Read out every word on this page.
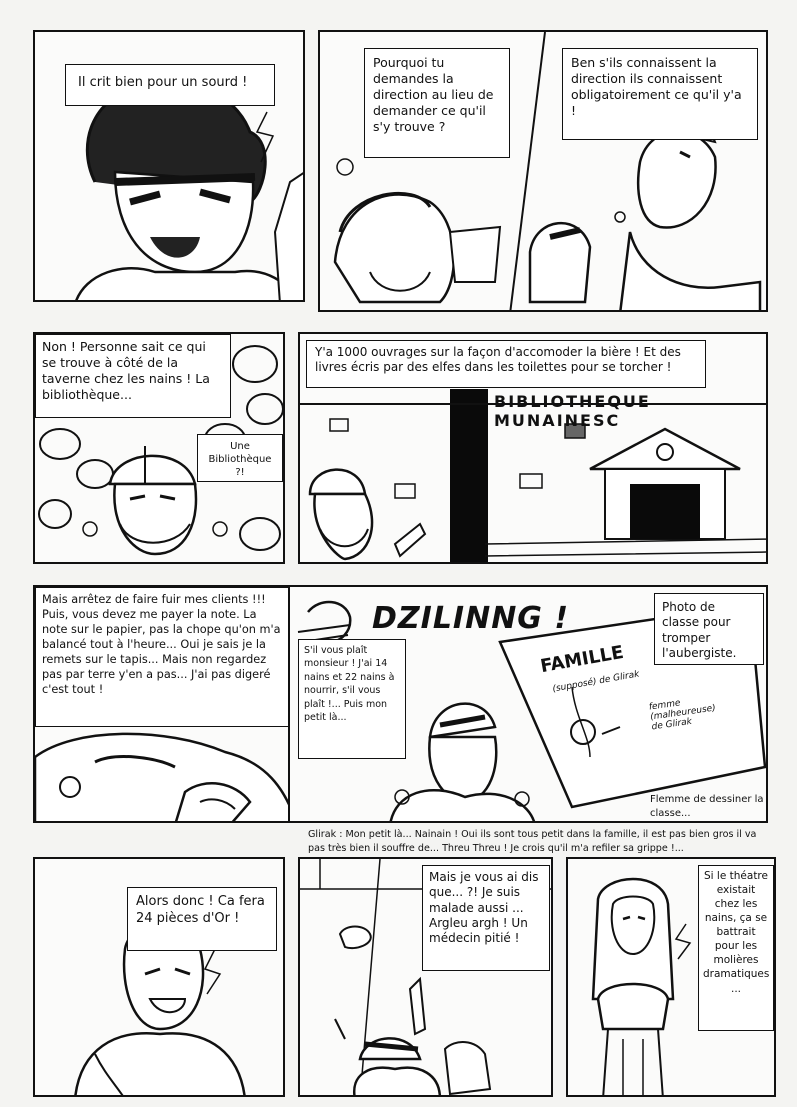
Il crit bien pour un sourd !
Pourquoi tu demandes la direction au lieu de demander ce qu'il s'y trouve ?
Ben s'ils connaissent la direction ils connaissent obligatoirement ce qu'il y'a !
Non ! Personne sait ce qui se trouve à côté de la taverne chez les nains ! La bibliothèque...
Une Bibliothèque ?!
Y'a 1000 ouvrages sur la façon d'accomoder la bière ! Et des livres écris par des elfes dans les toilettes pour se torcher !
BIBLIOTHEQUE MUNAINESC
Mais arrêtez de faire fuir mes clients !!! Puis, vous devez me payer la note. La note sur le papier, pas la chope qu'on m'a balancé tout à l'heure... Oui je sais je la remets sur le tapis... Mais non regardez pas par terre y'en a pas... J'ai pas digeré c'est tout !
DZILINNG !
S'il vous plaît monsieur ! J'ai 14 nains et 22 nains à nourrir, s'il vous plaît !... Puis mon petit là...
Photo de classe pour tromper l'aubergiste.
FAMILLE
(supposé) de Glirak
femme (malheureuse) de Glirak
Flemme de dessiner la classe...
Glirak : Mon petit là... Nainain ! Oui ils sont tous petit dans la famille, il est pas bien gros il va pas très bien il souffre de... Threu Threu ! Je crois qu'il m'a refiler sa grippe !...
Alors donc ! Ca fera 24 pièces d'Or !
Mais je vous ai dis que... ?! Je suis malade aussi ... Argleu argh ! Un médecin pitié !
Si le théatre existait chez les nains, ça se battrait pour les molières dramatiques ...
